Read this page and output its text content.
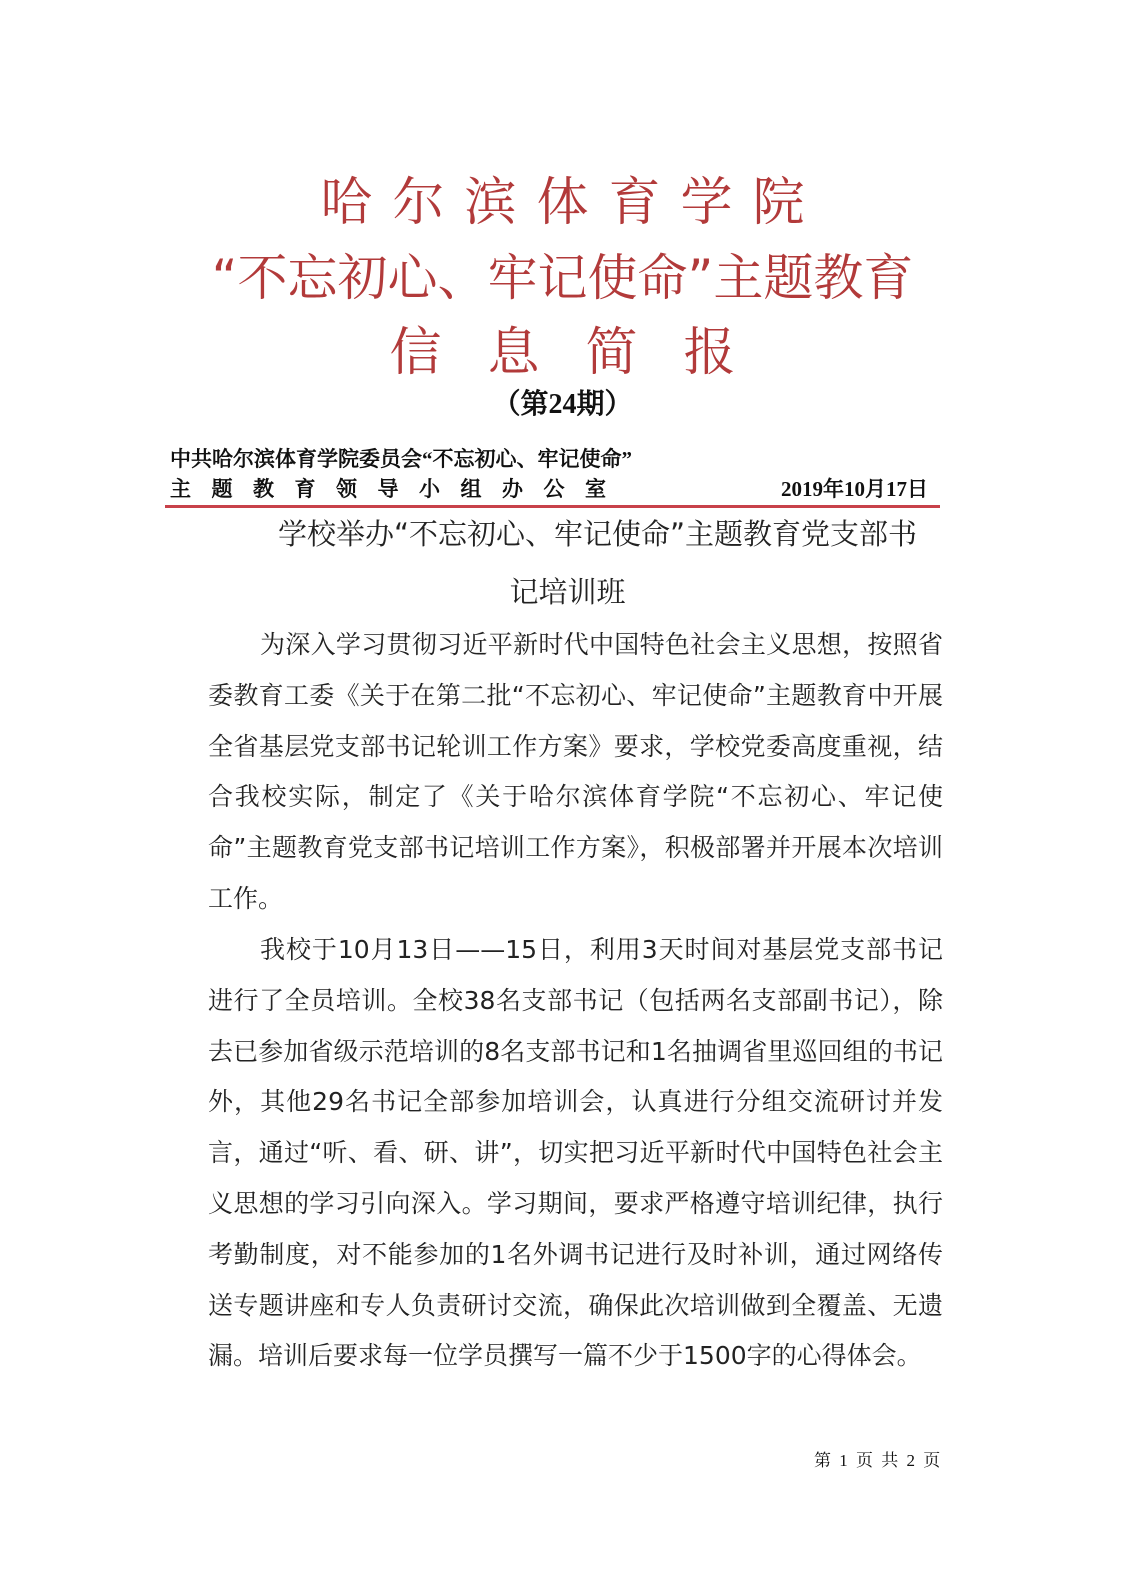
哈尔滨体育学院
“不忘初心、牢记使命”主题教育
信息简报
（第24期）
中共哈尔滨体育学院委员会“不忘初心、牢记使命”
主题教育领导小组办公室	2019年10月17日
学校举办“不忘初心、牢记使命”主题教育党支部书
记培训班

为深入学习贯彻习近平新时代中国特色社会主义思想，按照省委教育工委《关于在第二批“不忘初心、牢记使命”主题教育中开展全省基层党支部书记轮训工作方案》要求，学校党委高度重视，结合我校实际，制定了《关于哈尔滨体育学院“不忘初心、牢记使命”主题教育党支部书记培训工作方案》，积极部署并开展本次培训工作。

我校于10月13日——15日，利用3天时间对基层党支部书记进行了全员培训。全校38名支部书记（包括两名支部副书记），除去已参加省级示范培训的8名支部书记和1名抽调省里巡回组的书记外，其他29名书记全部参加培训会，认真进行分组交流研讨并发言，通过“听、看、研、讲”，切实把习近平新时代中国特色社会主义思想的学习引向深入。学习期间，要求严格遵守培训纪律，执行考勤制度，对不能参加的1名外调书记进行及时补训，通过网络传送专题讲座和专人负责研讨交流，确保此次培训做到全覆盖、无遗漏。培训后要求每一位学员撰写一篇不少于1500字的心得体会。

第 1 页 共 2 页
